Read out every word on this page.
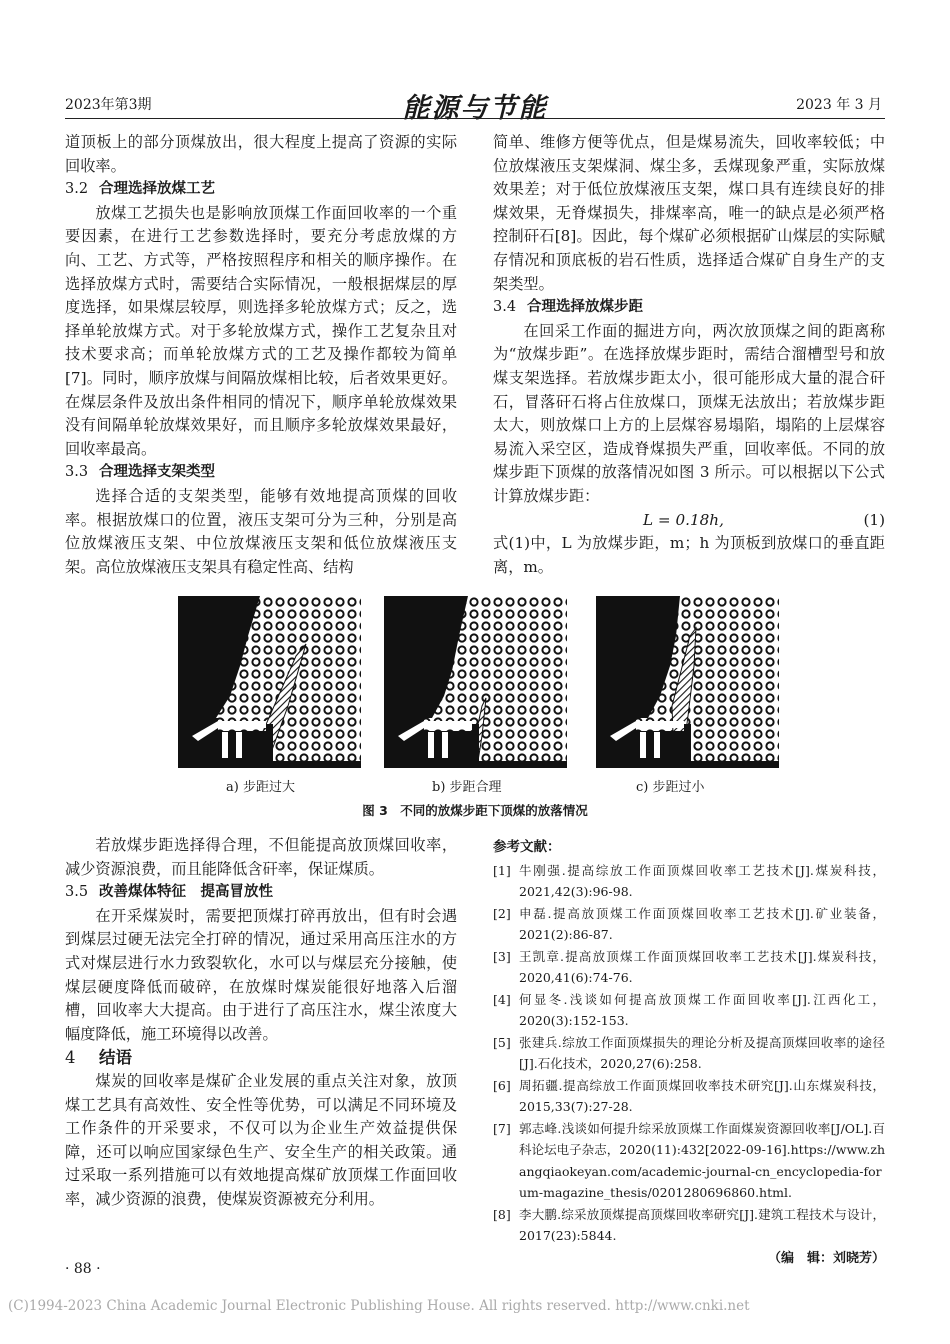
2023年第3期	能源与节能	2023 年 3 月

道顶板上的部分顶煤放出，很大程度上提高了资源的实际回收率。

3.2 合理选择放煤工艺

放煤工艺损失也是影响放顶煤工作面回收率的一个重要因素，在进行工艺参数选择时，要充分考虑放煤的方向、工艺、方式等，严格按照程序和相关的顺序操作。在选择放煤方式时，需要结合实际情况，一般根据煤层的厚度选择，如果煤层较厚，则选择多轮放煤方式；反之，选择单轮放煤方式。对于多轮放煤方式，操作工艺复杂且对技术要求高；而单轮放煤方式的工艺及操作都较为简单[7]。同时，顺序放煤与间隔放煤相比较，后者效果更好。在煤层条件及放出条件相同的情况下，顺序单轮放煤效果没有间隔单轮放煤效果好，而且顺序多轮放煤效果最好，回收率最高。

3.3 合理选择支架类型

选择合适的支架类型，能够有效地提高顶煤的回收率。根据放煤口的位置，液压支架可分为三种，分别是高位放煤液压支架、中位放煤液压支架和低位放煤液压支架。高位放煤液压支架具有稳定性高、结构

简单、维修方便等优点，但是煤易流失，回收率较低；中位放煤液压支架煤洞、煤尘多，丢煤现象严重，实际放煤效果差；对于低位放煤液压支架，煤口具有连续良好的排煤效果，无脊煤损失，排煤率高，唯一的缺点是必须严格控制矸石[8]。因此，每个煤矿必须根据矿山煤层的实际赋存情况和顶底板的岩石性质，选择适合煤矿自身生产的支架类型。

3.4 合理选择放煤步距

在回采工作面的掘进方向，两次放顶煤之间的距离称为“放煤步距”。在选择放煤步距时，需结合溜槽型号和放煤支架选择。若放煤步距太小，很可能形成大量的混合矸石，冒落矸石将占住放煤口，顶煤无法放出；若放煤步距太大，则放煤口上方的上层煤容易塌陷，塌陷的上层煤容易流入采空区，造成脊煤损失严重，回收率低。不同的放煤步距下顶煤的放落情况如图 3 所示。可以根据以下公式计算放煤步距：

L = 0.18h,	(1)

式(1)中，L 为放煤步距，m；h 为顶板到放煤口的垂直距离，m。

a) 步距过大	b) 步距合理	c) 步距过小
图 3　不同的放煤步距下顶煤的放落情况

若放煤步距选择得合理，不但能提高放顶煤回收率，减少资源浪费，而且能降低含矸率，保证煤质。

3.5 改善煤体特征　提高冒放性

在开采煤炭时，需要把顶煤打碎再放出，但有时会遇到煤层过硬无法完全打碎的情况，通过采用高压注水的方式对煤层进行水力致裂软化，水可以与煤层充分接触，使煤层硬度降低而破碎，在放煤时煤炭能很好地落入后溜槽，回收率大大提高。由于进行了高压注水，煤尘浓度大幅度降低，施工环境得以改善。

4 结语

煤炭的回收率是煤矿企业发展的重点关注对象，放顶煤工艺具有高效性、安全性等优势，可以满足不同环境及工作条件的开采要求，不仅可以为企业生产效益提供保障，还可以响应国家绿色生产、安全生产的相关政策。通过采取一系列措施可以有效地提高煤矿放顶煤工作面回收率，减少资源的浪费，使煤炭资源被充分利用。

参考文献：

[1] 牛刚强.提高综放工作面顶煤回收率工艺技术[J].煤炭科技，2021,42(3):96-98.

[2] 申磊.提高放顶煤工作面顶煤回收率工艺技术[J].矿业装备，2021(2):86-87.

[3] 王凯章.提高放顶煤工作面顶煤回收率工艺技术[J].煤炭科技，2020,41(6):74-76.

[4] 何显冬.浅谈如何提高放顶煤工作面回收率[J].江西化工，2020(3):152-153.

[5] 张建兵.综放工作面顶煤损失的理论分析及提高顶煤回收率的途径[J].石化技术，2020,27(6):258.

[6] 周拓疆.提高综放工作面顶煤回收率技术研究[J].山东煤炭科技，2015,33(7):27-28.

[7] 郭志峰.浅谈如何提升综采放顶煤工作面煤炭资源回收率[J/OL].百科论坛电子杂志，2020(11):432[2022-09-16].https://www.zhangqiaokeyan.com/academic-journal-cn_encyclopedia-forum-magazine_thesis/0201280696860.html.

[8] 李大鹏.综采放顶煤提高顶煤回收率研究[J].建筑工程技术与设计，2017(23):5844.

（编　辑：刘晓芳）

· 88 ·
(C)1994-2023 China Academic Journal Electronic Publishing House. All rights reserved. http://www.cnki.net
